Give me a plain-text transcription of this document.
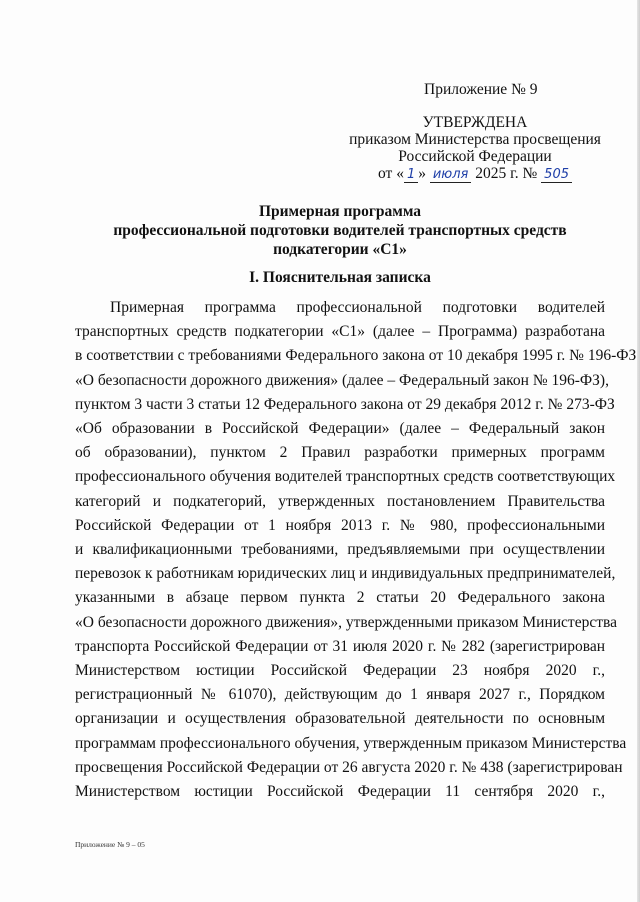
Приложение № 9
УТВЕРЖДЕНА
приказом Министерства просвещения
Российской Федерации
от « 1 » июля 2025 г. № 505
Примерная программа
профессиональной подготовки водителей транспортных средств
подкатегории «С1»
I. Пояснительная записка
Примерная программа профессиональной подготовки водителей
транспортных средств подкатегории «С1» (далее – Программа) разработана
в соответствии с требованиями Федерального закона от 10 декабря 1995 г. № 196-ФЗ
«О безопасности дорожного движения» (далее – Федеральный закон № 196-ФЗ),
пунктом 3 части 3 статьи 12 Федерального закона от 29 декабря 2012 г. № 273-ФЗ
«Об образовании в Российской Федерации» (далее – Федеральный закон
об образовании), пунктом 2 Правил разработки примерных программ
профессионального обучения водителей транспортных средств соответствующих
категорий и подкатегорий, утвержденных постановлением Правительства
Российской Федерации от 1 ноября 2013 г. № 980, профессиональными
и квалификационными требованиями, предъявляемыми при осуществлении
перевозок к работникам юридических лиц и индивидуальных предпринимателей,
указанными в абзаце первом пункта 2 статьи 20 Федерального закона
«О безопасности дорожного движения», утвержденными приказом Министерства
транспорта Российской Федерации от 31 июля 2020 г. № 282 (зарегистрирован
Министерством юстиции Российской Федерации 23 ноября 2020 г.,
регистрационный № 61070), действующим до 1 января 2027 г., Порядком
организации и осуществления образовательной деятельности по основным
программам профессионального обучения, утвержденным приказом Министерства
просвещения Российской Федерации от 26 августа 2020 г. № 438 (зарегистрирован
Министерством юстиции Российской Федерации 11 сентября 2020 г.,
Приложение № 9 – 05
